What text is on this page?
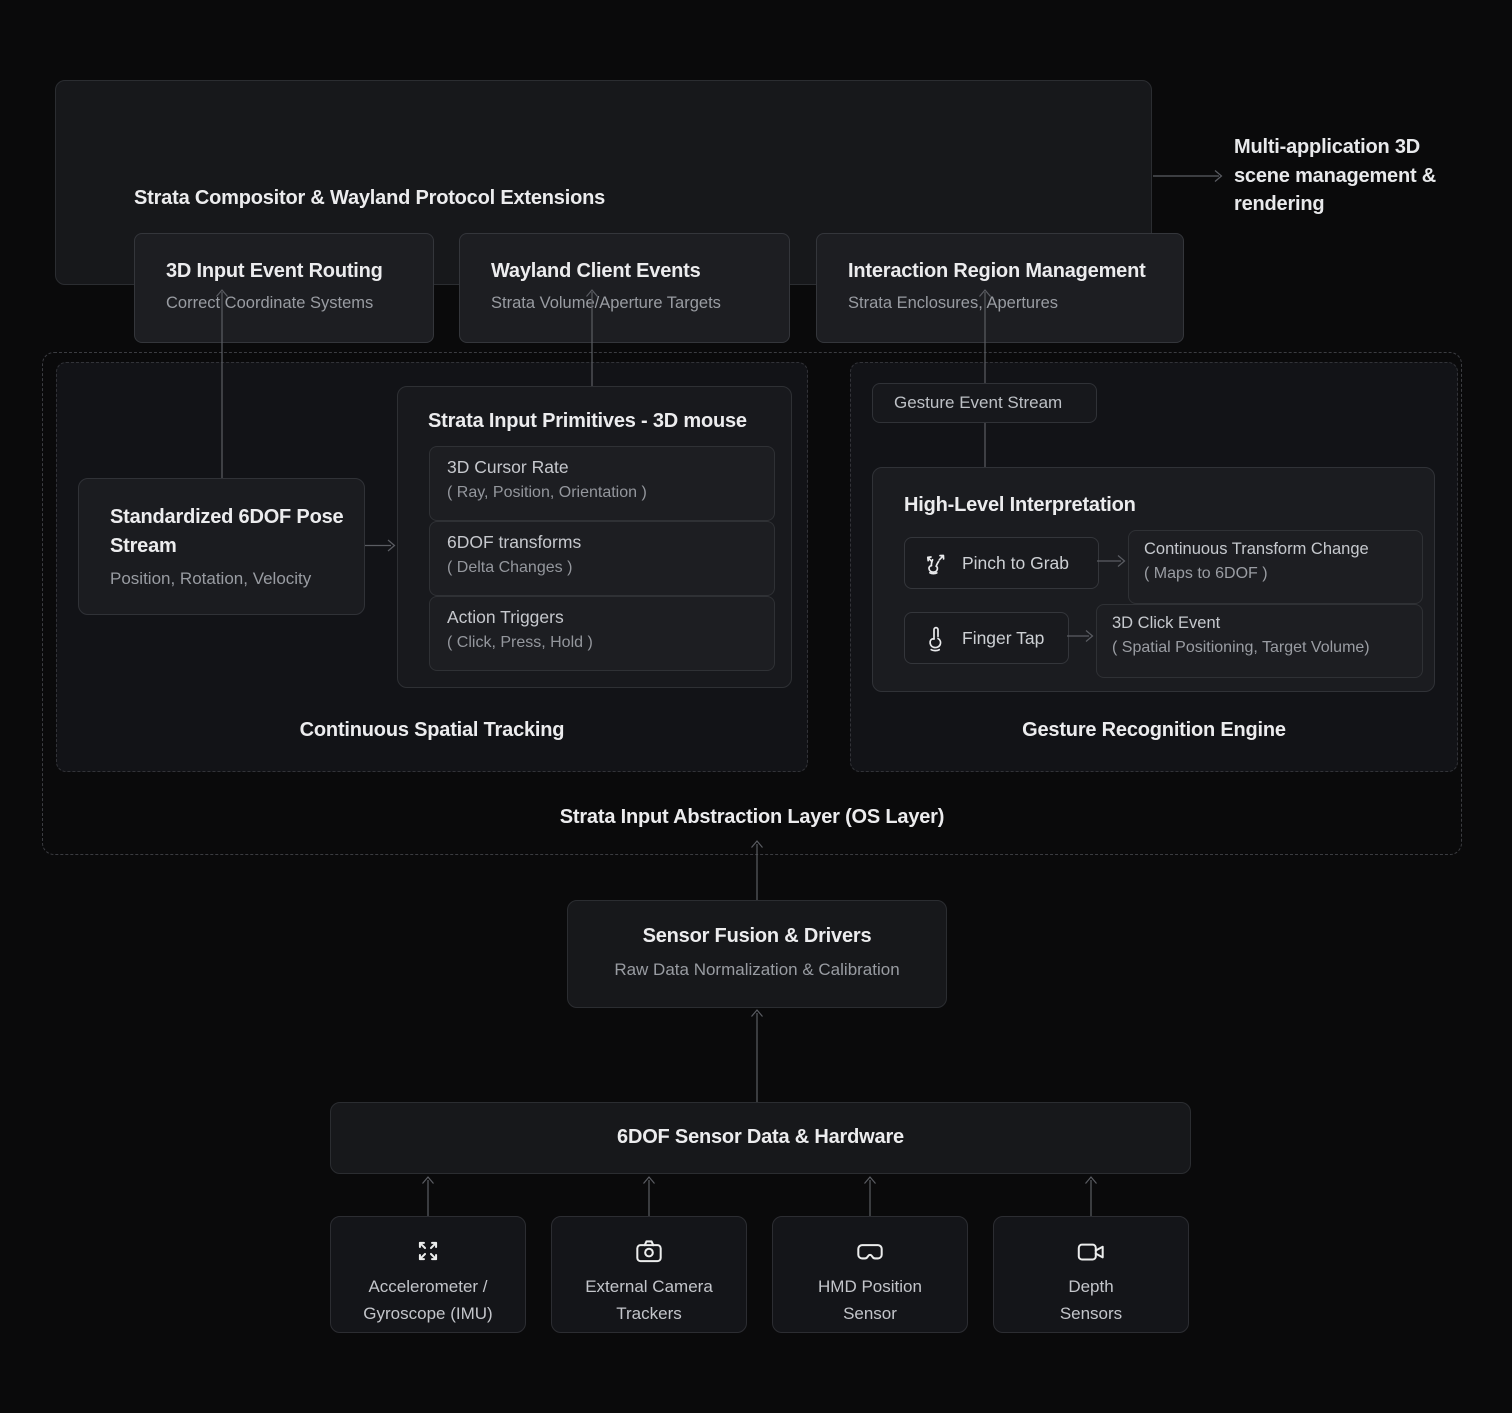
Strata Compositor & Wayland Protocol Extensions
3D Input Event Routing
Correct Coordinate Systems
Wayland Client Events
Strata Volume/Aperture Targets
Interaction Region Management
Strata Enclosures, Apertures
Multi-application 3D scene management & rendering
Strata Input Abstraction Layer (OS Layer)
Continuous Spatial Tracking
Standardized 6DOF Pose Stream
Position, Rotation, Velocity
Strata Input Primitives - 3D mouse
3D Cursor Rate
( Ray, Position, Orientation )
6DOF transforms
( Delta Changes )
Action Triggers
( Click, Press, Hold )
Gesture Recognition Engine
Gesture Event Stream
High-Level Interpretation
Pinch to Grab
Continuous Transform Change
( Maps to 6DOF )
Finger Tap
3D Click Event
( Spatial Positioning, Target Volume)
Sensor Fusion & Drivers
Raw Data Normalization & Calibration
6DOF Sensor Data & Hardware
Accelerometer /
Gyroscope (IMU)
External Camera
Trackers
HMD Position
Sensor
Depth
Sensors
